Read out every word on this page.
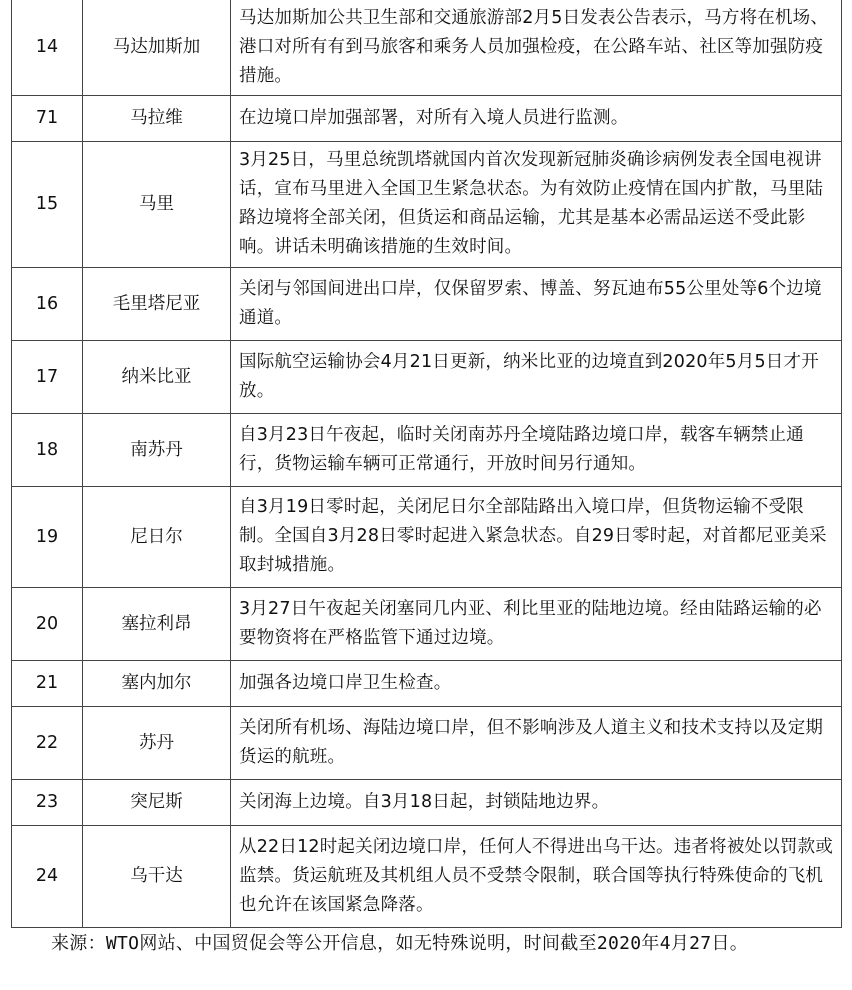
14	马达加斯加	马达加斯加公共卫生部和交通旅游部2月5日发表公告表示，马方将在机场、港口对所有有到马旅客和乘务人员加强检疫，在公路车站、社区等加强防疫措施。
71	马拉维	在边境口岸加强部署，对所有入境人员进行监测。
15	马里	3月25日，马里总统凯塔就国内首次发现新冠肺炎确诊病例发表全国电视讲话，宣布马里进入全国卫生紧急状态。为有效防止疫情在国内扩散，马里陆路边境将全部关闭，但货运和商品运输，尤其是基本必需品运送不受此影响。讲话未明确该措施的生效时间。
16	毛里塔尼亚	关闭与邻国间进出口岸，仅保留罗索、博盖、努瓦迪布55公里处等6个边境通道。
17	纳米比亚	国际航空运输协会4月21日更新，纳米比亚的边境直到2020年5月5日才开放。
18	南苏丹	自3月23日午夜起，临时关闭南苏丹全境陆路边境口岸，载客车辆禁止通行，货物运输车辆可正常通行，开放时间另行通知。
19	尼日尔	自3月19日零时起，关闭尼日尔全部陆路出入境口岸，但货物运输不受限制。全国自3月28日零时起进入紧急状态。自29日零时起，对首都尼亚美采取封城措施。
20	塞拉利昂	3月27日午夜起关闭塞同几内亚、利比里亚的陆地边境。经由陆路运输的必要物资将在严格监管下通过边境。
21	塞内加尔	加强各边境口岸卫生检查。
22	苏丹	关闭所有机场、海陆边境口岸，但不影响涉及人道主义和技术支持以及定期货运的航班。
23	突尼斯	关闭海上边境。自3月18日起，封锁陆地边界。
24	乌干达	从22日12时起关闭边境口岸，任何人不得进出乌干达。违者将被处以罚款或监禁。货运航班及其机组人员不受禁令限制，联合国等执行特殊使命的飞机也允许在该国紧急降落。
来源：WTO网站、中国贸促会等公开信息，如无特殊说明，时间截至2020年4月27日。
